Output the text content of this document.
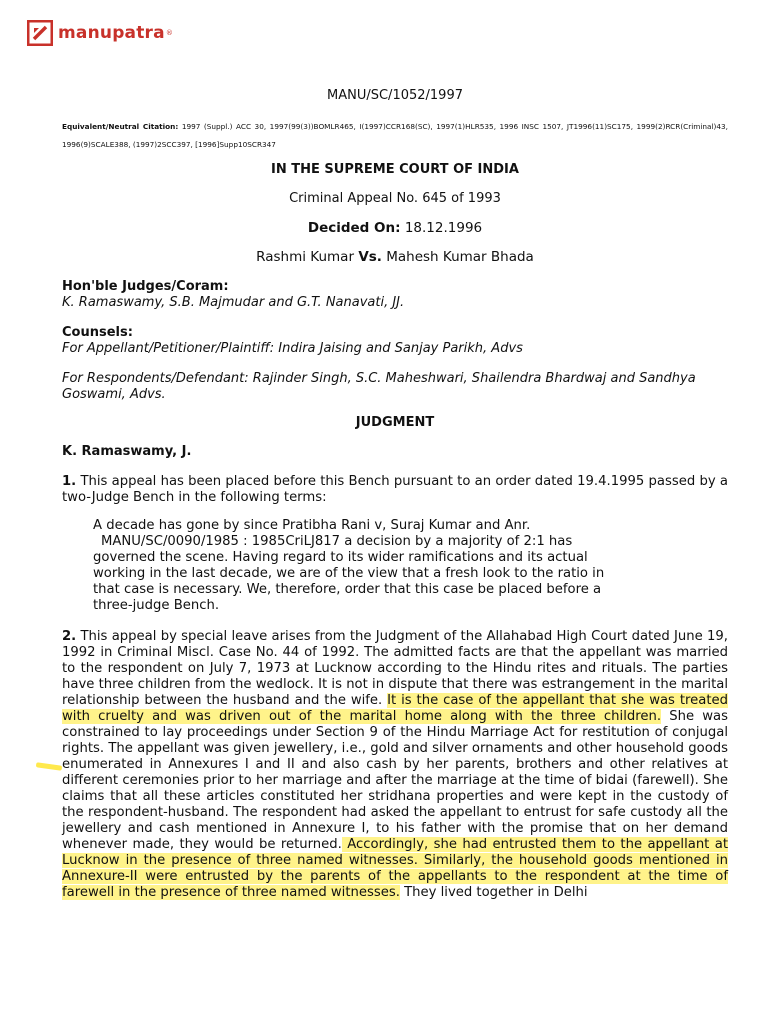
manupatra ®
MANU/SC/1052/1997
Equivalent/Neutral Citation: 1997 (Suppl.) ACC 30, 1997(99(3))BOMLR465, I(1997)CCR168(SC), 1997(1)HLR535, 1996 INSC 1507, JT1996(11)SC175, 1999(2)RCR(Criminal)43, 1996(9)SCALE388, (1997)2SCC397, [1996]Supp10SCR347
IN THE SUPREME COURT OF INDIA
Criminal Appeal No. 645 of 1993
Decided On: 18.12.1996
Rashmi Kumar Vs. Mahesh Kumar Bhada
Hon'ble Judges/Coram:
K. Ramaswamy, S.B. Majmudar and G.T. Nanavati, JJ.
Counsels:
For Appellant/Petitioner/Plaintiff: Indira Jaising and Sanjay Parikh, Advs
For Respondents/Defendant: Rajinder Singh, S.C. Maheshwari, Shailendra Bhardwaj and Sandhya Goswami, Advs.
JUDGMENT
K. Ramaswamy, J.
1. This appeal has been placed before this Bench pursuant to an order dated 19.4.1995 passed by a two-Judge Bench in the following terms:
A decade has gone by since Pratibha Rani v, Suraj Kumar and Anr.
MANU/SC/0090/1985 : 1985CriLJ817 a decision by a majority of 2:1 has
governed the scene. Having regard to its wider ramifications and its actual
working in the last decade, we are of the view that a fresh look to the ratio in
that case is necessary. We, therefore, order that this case be placed before a
three-judge Bench.
2. This appeal by special leave arises from the Judgment of the Allahabad High Court dated June 19, 1992 in Criminal Miscl. Case No. 44 of 1992. The admitted facts are that the appellant was married to the respondent on July 7, 1973 at Lucknow according to the Hindu rites and rituals. The parties have three children from the wedlock. It is not in dispute that there was estrangement in the marital relationship between the husband and the wife. It is the case of the appellant that she was treated with cruelty and was driven out of the marital home along with the three children. She was constrained to lay proceedings under Section 9 of the Hindu Marriage Act for restitution of conjugal rights. The appellant was given jewellery, i.e., gold and silver ornaments and other household goods enumerated in Annexures I and II and also cash by her parents, brothers and other relatives at different ceremonies prior to her marriage and after the marriage at the time of bidai (farewell). She claims that all these articles constituted her stridhana properties and were kept in the custody of the respondent-husband. The respondent had asked the appellant to entrust for safe custody all the jewellery and cash mentioned in Annexure I, to his father with the promise that on her demand whenever made, they would be returned. Accordingly, she had entrusted them to the appellant at Lucknow in the presence of three named witnesses. Similarly, the household goods mentioned in Annexure-II were entrusted by the parents of the appellants to the respondent at the time of farewell in the presence of three named witnesses. They lived together in Delhi
